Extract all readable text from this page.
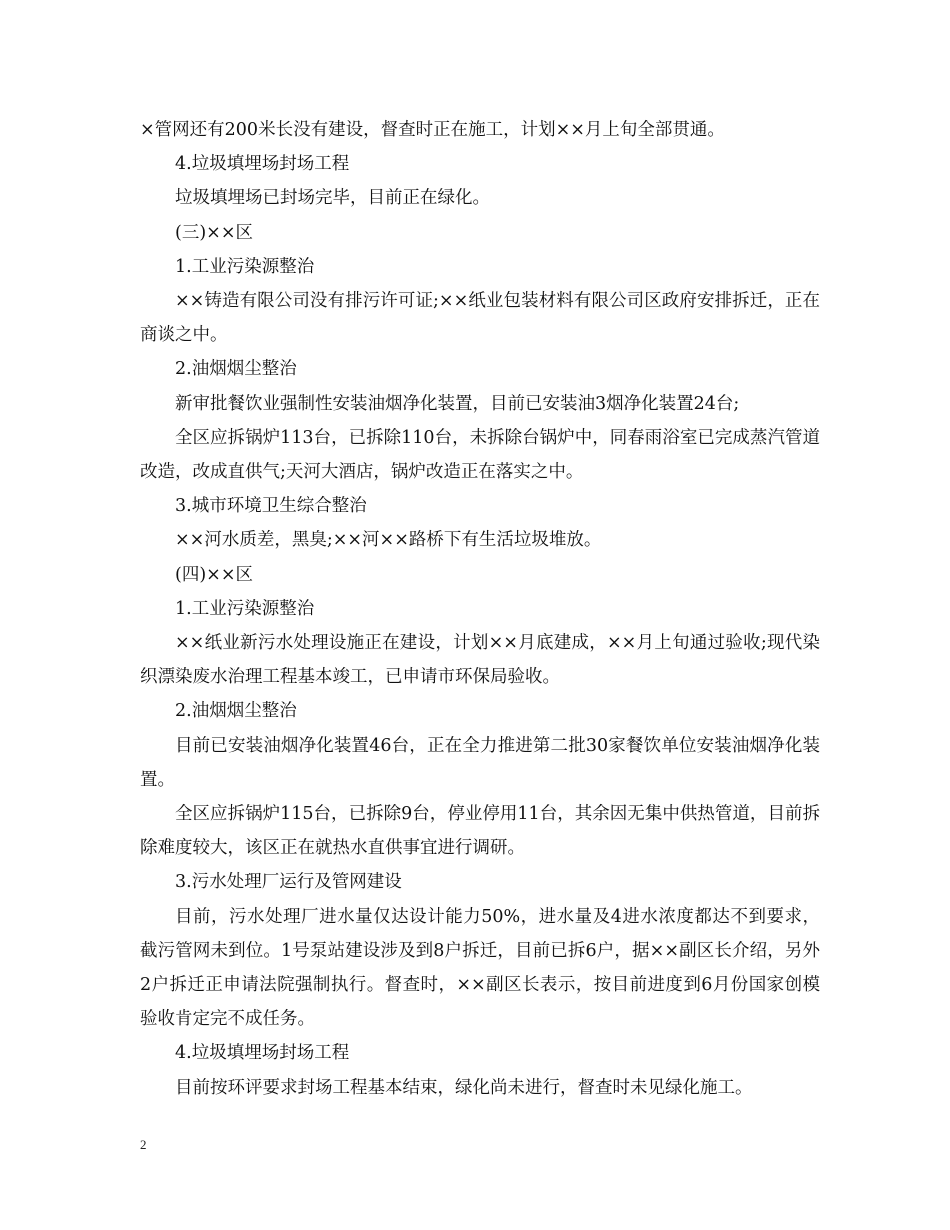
×管网还有200米长没有建设，督查时正在施工，计划××月上旬全部贯通。

4.垃圾填埋场封场工程

垃圾填埋场已封场完毕，目前正在绿化。

(三)××区

1.工业污染源整治

××铸造有限公司没有排污许可证;××纸业包装材料有限公司区政府安排拆迁，正在商谈之中。

2.油烟烟尘整治

新审批餐饮业强制性安装油烟净化装置，目前已安装油3烟净化装置24台;

全区应拆锅炉113台，已拆除110台，未拆除台锅炉中，同春雨浴室已完成蒸汽管道改造，改成直供气;天河大酒店，锅炉改造正在落实之中。

3.城市环境卫生综合整治

××河水质差，黑臭;××河××路桥下有生活垃圾堆放。

(四)××区

1.工业污染源整治

××纸业新污水处理设施正在建设，计划××月底建成，××月上旬通过验收;现代染织漂染废水治理工程基本竣工，已申请市环保局验收。

2.油烟烟尘整治

目前已安装油烟净化装置46台，正在全力推进第二批30家餐饮单位安装油烟净化装置。

全区应拆锅炉115台，已拆除9台，停业停用11台，其余因无集中供热管道，目前拆除难度较大，该区正在就热水直供事宜进行调研。

3.污水处理厂运行及管网建设

目前，污水处理厂进水量仅达设计能力50%，进水量及4进水浓度都达不到要求，截污管网未到位。1号泵站建设涉及到8户拆迁，目前已拆6户，据××副区长介绍，另外2户拆迁正申请法院强制执行。督查时，××副区长表示，按目前进度到6月份国家创模验收肯定完不成任务。

4.垃圾填埋场封场工程

目前按环评要求封场工程基本结束，绿化尚未进行，督查时未见绿化施工。

2
